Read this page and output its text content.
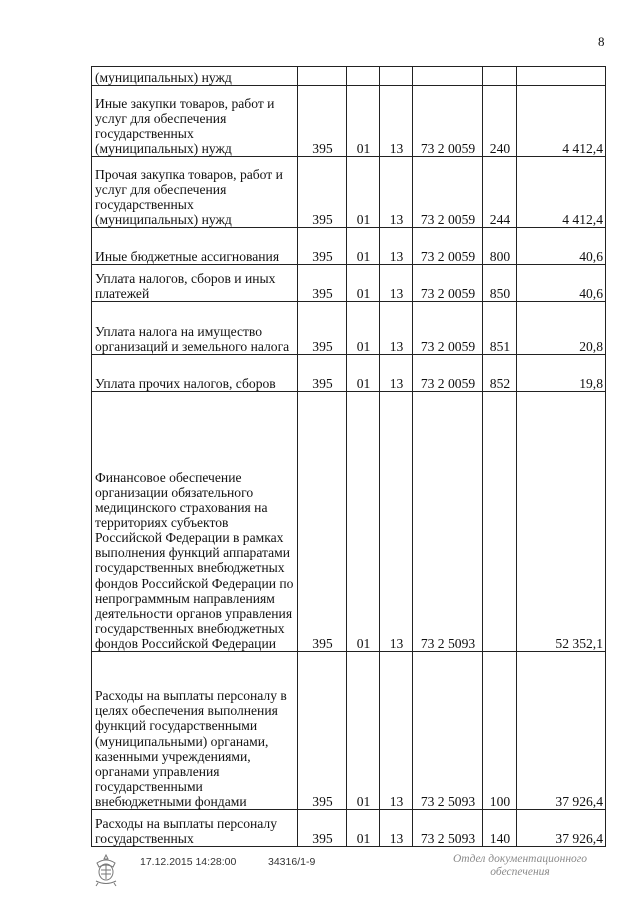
8
(муниципальных) нужд						
Иные закупки товаров, работ и услуг для обеспечения государственных (муниципальных) нужд	395	01	13	73 2 0059	240	4 412,4
Прочая закупка товаров, работ и услуг для обеспечения государственных (муниципальных) нужд	395	01	13	73 2 0059	244	4 412,4
Иные бюджетные ассигнования	395	01	13	73 2 0059	800	40,6
Уплата налогов, сборов и иных платежей	395	01	13	73 2 0059	850	40,6
Уплата налога на имущество организаций и земельного налога	395	01	13	73 2 0059	851	20,8
Уплата прочих налогов, сборов	395	01	13	73 2 0059	852	19,8
Финансовое обеспечение организации обязательного медицинского страхования на территориях субъектов Российской Федерации в рамках выполнения функций аппаратами государственных внебюджетных фондов Российской Федерации по непрограммным направлениям деятельности органов управления государственных внебюджетных фондов Российской Федерации	395	01	13	73 2 5093		52 352,1
Расходы на выплаты персоналу в целях обеспечения выполнения функций государственными (муниципальными) органами, казенными учреждениями, органами управления государственными внебюджетными фондами	395	01	13	73 2 5093	100	37 926,4
Расходы на выплаты персоналу государственных	395	01	13	73 2 5093	140	37 926,4
17.12.2015 14:28:00	34316/1-9	Отдел документационного обеспечения
